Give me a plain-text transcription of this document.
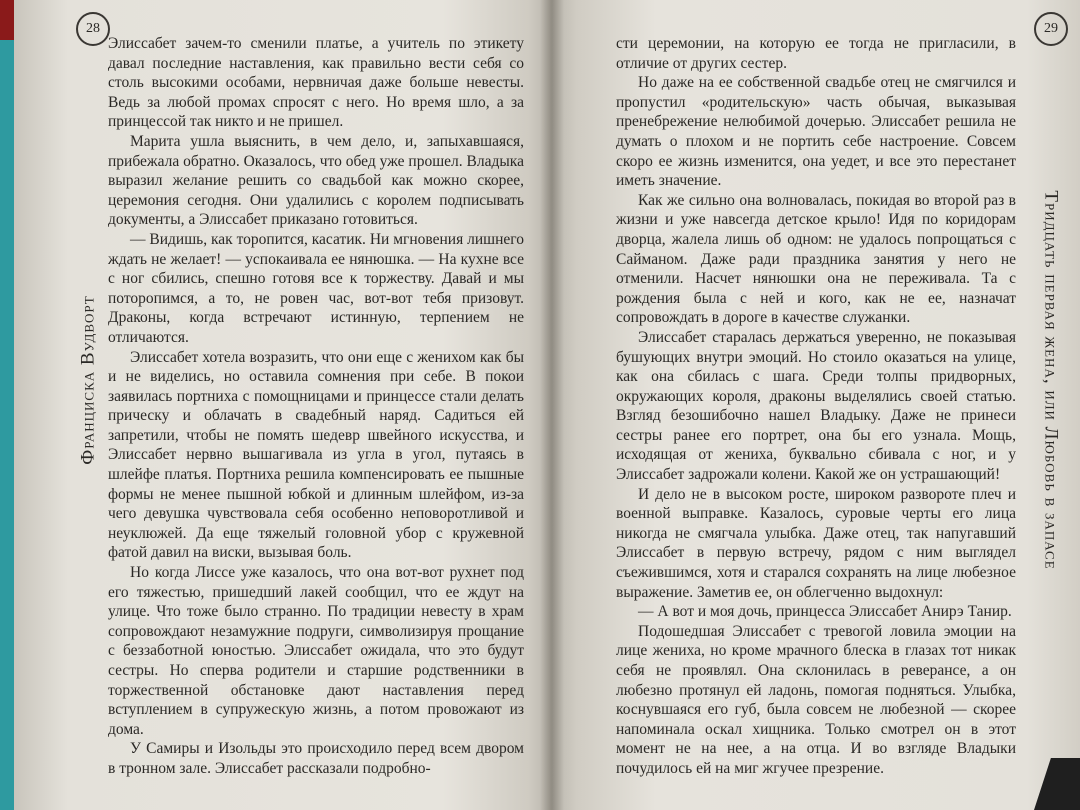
28
Франциска Вудворт

Элиссабет зачем-то сменили платье, а учитель по этикету давал последние наставления, как правильно вести себя со столь высокими особами, нервничая даже больше невесты. Ведь за любой промах спросят с него. Но время шло, а за принцессой так никто и не пришел.

Марита ушла выяснить, в чем дело, и, запыхавшаяся, прибежала обратно. Оказалось, что обед уже прошел. Владыка выразил желание решить со свадьбой как можно скорее, церемония сегодня. Они удалились с королем подписывать документы, а Элиссабет приказано готовиться.

— Видишь, как торопится, касатик. Ни мгновения лишнего ждать не желает! — успокаивала ее нянюшка. — На кухне все с ног сбились, спешно готовя все к торжеству. Давай и мы поторопимся, а то, не ровен час, вот-вот тебя призовут. Драконы, когда встречают истинную, терпением не отличаются.

Элиссабет хотела возразить, что они еще с женихом как бы и не виделись, но оставила сомнения при себе. В покои заявилась портниха с помощницами и принцессе стали делать прическу и облачать в свадебный наряд. Садиться ей запретили, чтобы не помять шедевр швейного искусства, и Элиссабет нервно вышагивала из угла в угол, путаясь в шлейфе платья. Портниха решила компенсировать ее пышные формы не менее пышной юбкой и длинным шлейфом, из-за чего девушка чувствовала себя особенно неповоротливой и неуклюжей. Да еще тяжелый головной убор с кружевной фатой давил на виски, вызывая боль.

Но когда Лиссе уже казалось, что она вот-вот рухнет под его тяжестью, пришедший лакей сообщил, что ее ждут на улице. Что тоже было странно. По традиции невесту в храм сопровождают незамужние подруги, символизируя прощание с беззаботной юностью. Элиссабет ожидала, что это будут сестры. Но сперва родители и старшие родственники в торжественной обстановке дают наставления перед вступлением в супружескую жизнь, а потом провожают из дома.

У Самиры и Изольды это происходило перед всем двором в тронном зале. Элиссабет рассказали подробно-

29
Тридцать первая жена, или Любовь в запасе

сти церемонии, на которую ее тогда не пригласили, в отличие от других сестер.

Но даже на ее собственной свадьбе отец не смягчился и пропустил «родительскую» часть обычая, выказывая пренебрежение нелюбимой дочерью. Элиссабет решила не думать о плохом и не портить себе настроение. Совсем скоро ее жизнь изменится, она уедет, и все это перестанет иметь значение.

Как же сильно она волновалась, покидая во второй раз в жизни и уже навсегда детское крыло! Идя по коридорам дворца, жалела лишь об одном: не удалось попрощаться с Сайманом. Даже ради праздника занятия у него не отменили. Насчет нянюшки она не переживала. Та с рождения была с ней и кого, как не ее, назначат сопровождать в дороге в качестве служанки.

Элиссабет старалась держаться уверенно, не показывая бушующих внутри эмоций. Но стоило оказаться на улице, как она сбилась с шага. Среди толпы придворных, окружающих короля, драконы выделялись своей статью. Взгляд безошибочно нашел Владыку. Даже не принеси сестры ранее его портрет, она бы его узнала. Мощь, исходящая от жениха, буквально сбивала с ног, и у Элиссабет задрожали колени. Какой же он устрашающий!

И дело не в высоком росте, широком развороте плеч и военной выправке. Казалось, суровые черты его лица никогда не смягчала улыбка. Даже отец, так напугавший Элиссабет в первую встречу, рядом с ним выглядел съежившимся, хотя и старался сохранять на лице любезное выражение. Заметив ее, он облегченно выдохнул:

— А вот и моя дочь, принцесса Элиссабет Анирэ Танир.

Подошедшая Элиссабет с тревогой ловила эмоции на лице жениха, но кроме мрачного блеска в глазах тот никак себя не проявлял. Она склонилась в реверансе, а он любезно протянул ей ладонь, помогая подняться. Улыбка, коснувшаяся его губ, была совсем не любезной — скорее напоминала оскал хищника. Только смотрел он в этот момент не на нее, а на отца. И во взгляде Владыки почудилось ей на миг жгучее презрение.
